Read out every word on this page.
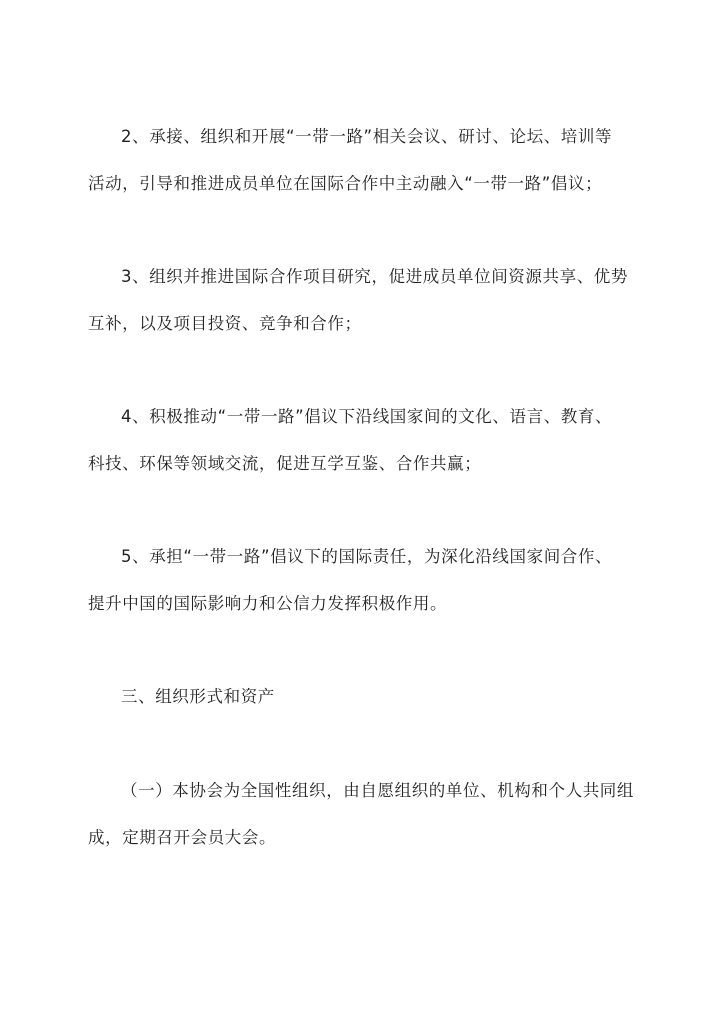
2、承接、组织和开展“一带一路”相关会议、研讨、论坛、培训等
活动，引导和推进成员单位在国际合作中主动融入“一带一路”倡议；

3、组织并推进国际合作项目研究，促进成员单位间资源共享、优势
互补，以及项目投资、竞争和合作；

4、积极推动“一带一路”倡议下沿线国家间的文化、语言、教育、
科技、环保等领域交流，促进互学互鉴、合作共赢；

5、承担“一带一路”倡议下的国际责任，为深化沿线国家间合作、
提升中国的国际影响力和公信力发挥积极作用。

三、组织形式和资产

（一）本协会为全国性组织，由自愿组织的单位、机构和个人共同组
成，定期召开会员大会。
